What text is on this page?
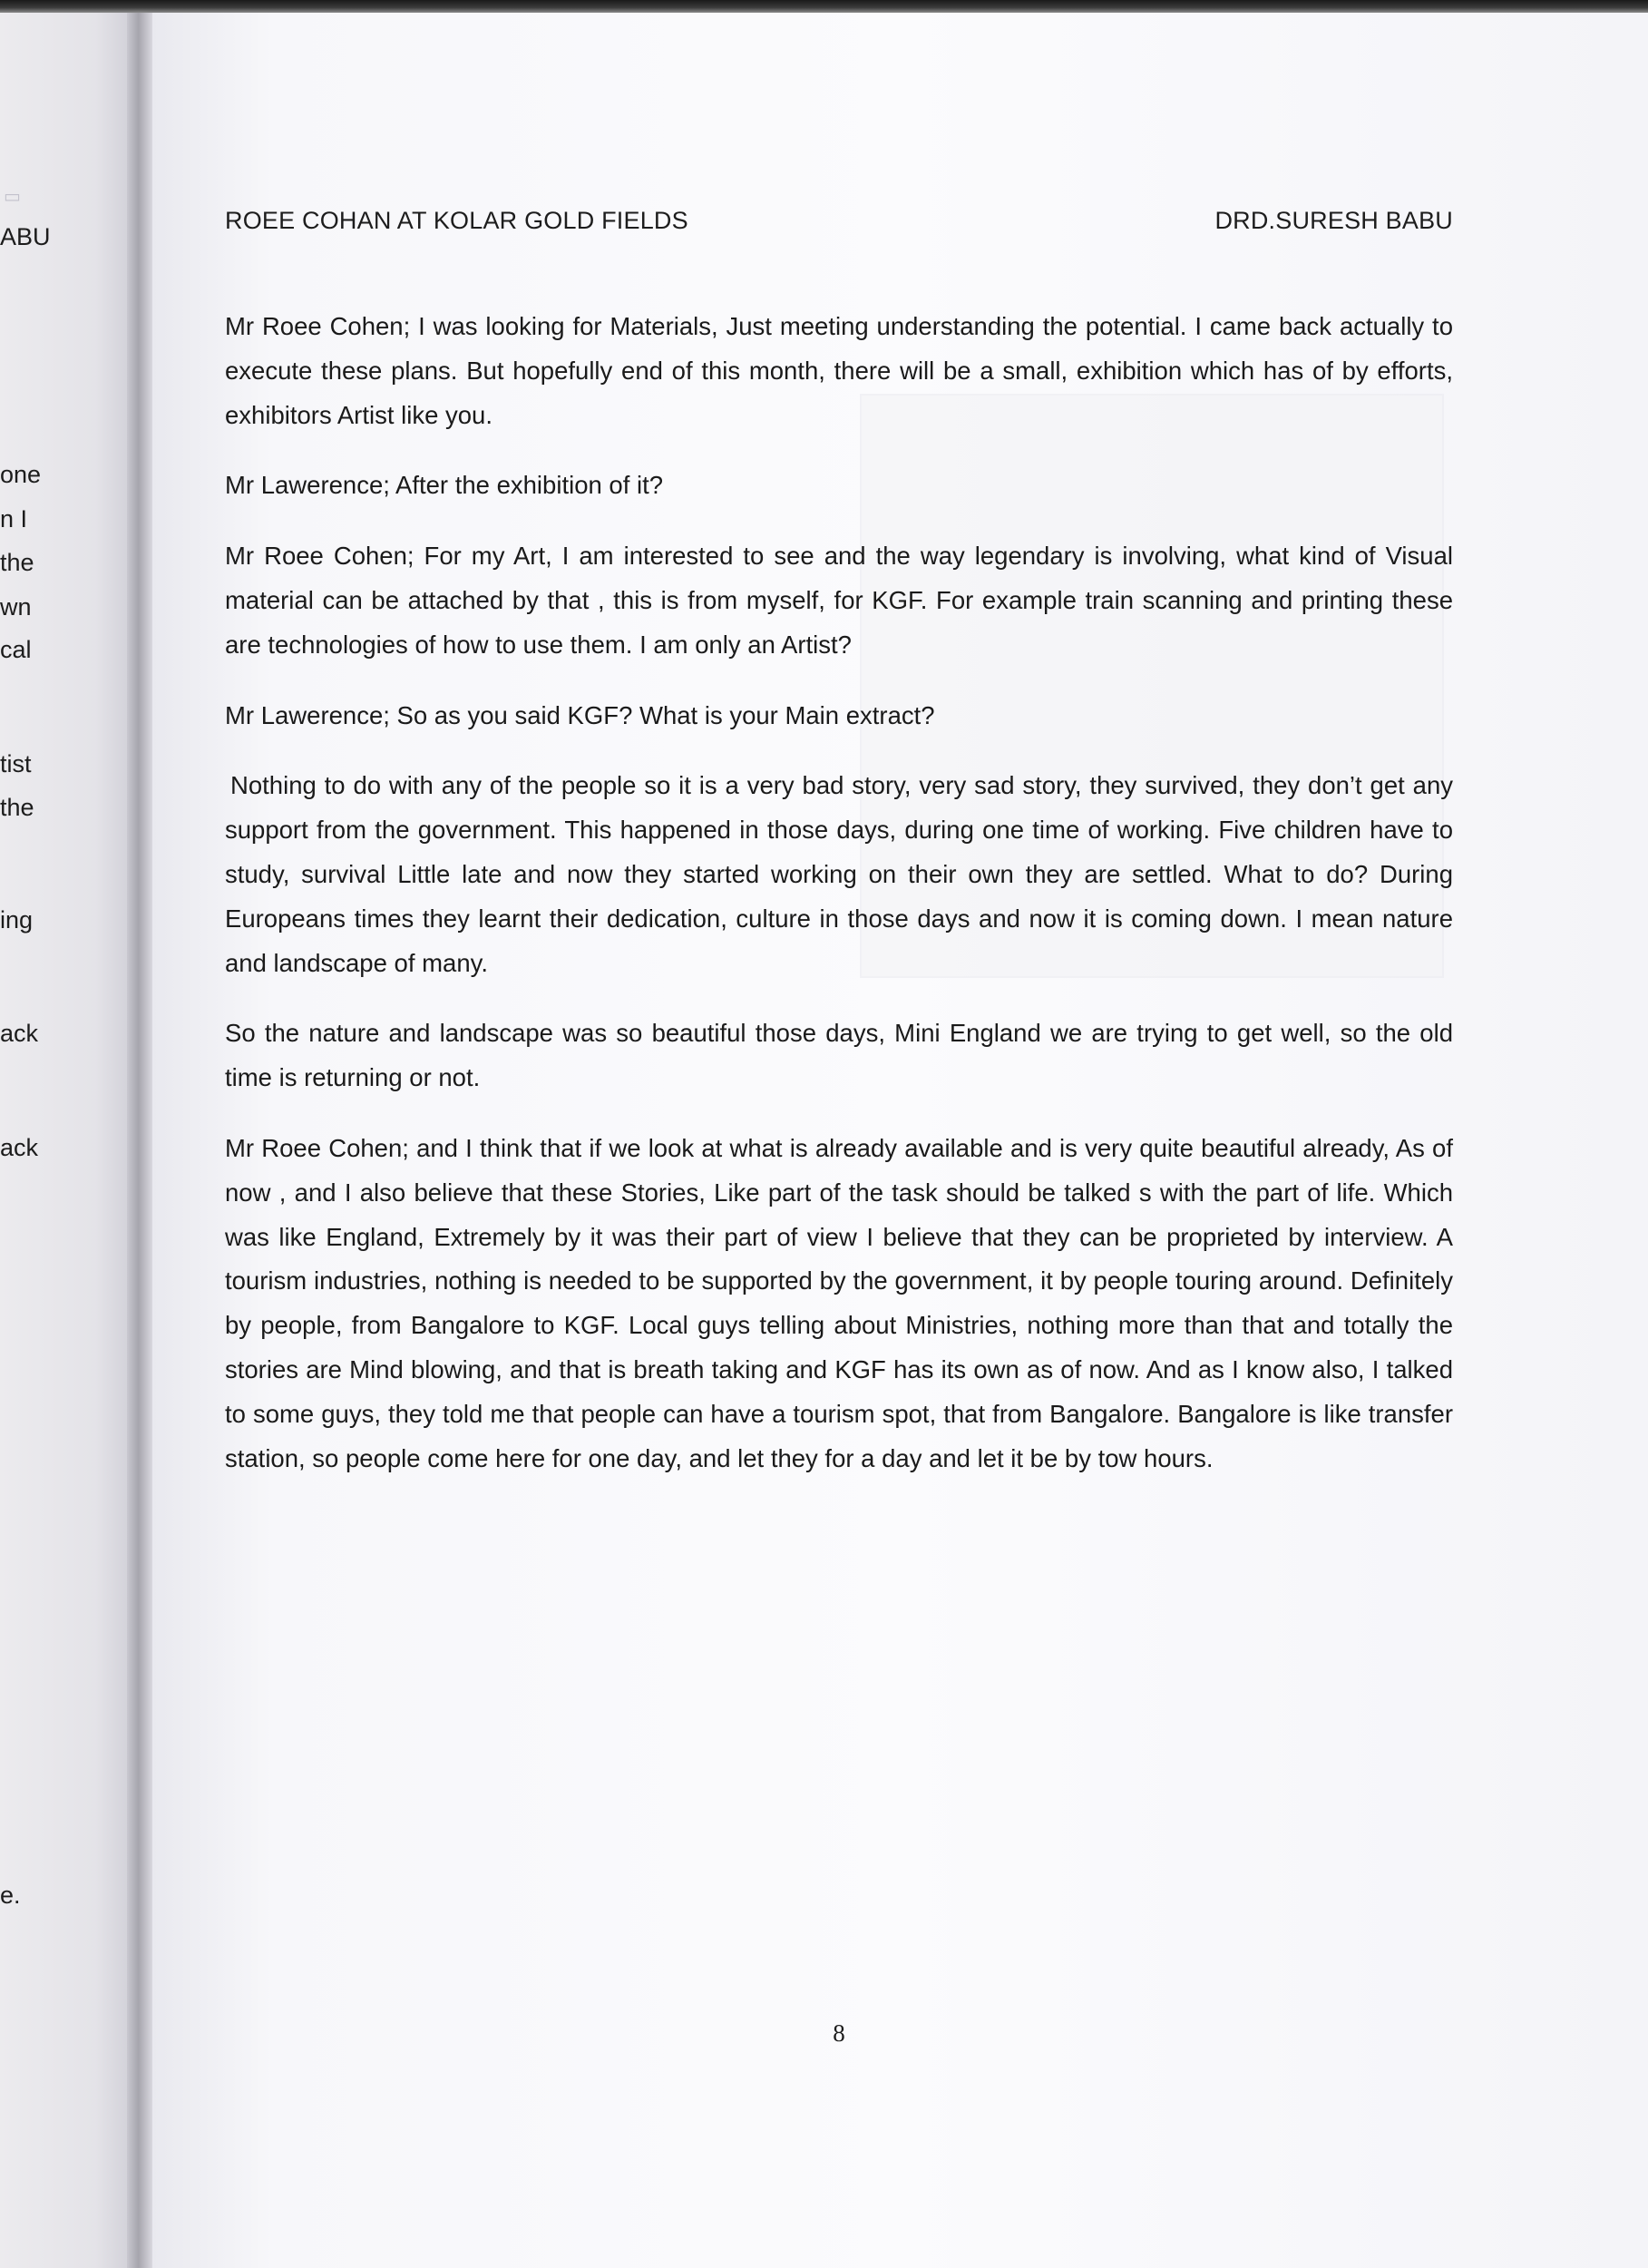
▭
ABU
one
n I
the
wn
cal
tist
the
ing
ack
ack
e.
ROEE COHAN AT KOLAR GOLD FIELDS	DRD.SURESH BABU

Mr Roee Cohen; I was looking for Materials, Just meeting understanding the potential. I came back actually to execute these plans. But hopefully end of this month, there will be a small, exhibition which has of by efforts, exhibitors Artist like you.

Mr Lawerence; After the exhibition of it?

Mr Roee Cohen; For my Art, I am interested to see and the way legendary is involving, what kind of Visual material can be attached by that , this is from myself, for KGF. For example train scanning and printing these are technologies of how to use them. I am only an Artist?

Mr Lawerence; So as you said KGF? What is your Main extract?

Nothing to do with any of the people so it is a very bad story, very sad story, they survived, they don’t get any support from the government. This happened in those days, during one time of working. Five children have to study, survival Little late and now they started working on their own they are settled. What to do? During Europeans times they learnt their dedication, culture in those days and now it is coming down. I mean nature and landscape of many.

So the nature and landscape was so beautiful those days, Mini England we are trying to get well, so the old time is returning or not.

Mr Roee Cohen; and I think that if we look at what is already available and is very quite beautiful already, As of now , and I also believe that these Stories, Like part of the task should be talked s with the part of life. Which was like England, Extremely by it was their part of view I believe that they can be proprieted by interview. A tourism industries, nothing is needed to be supported by the government, it by people touring around. Definitely by people, from Bangalore to KGF. Local guys telling about Ministries, nothing more than that and totally the stories are Mind blowing, and that is breath taking and KGF has its own as of now. And as I know also, I talked to some guys, they told me that people can have a tourism spot, that from Bangalore. Bangalore is like transfer station, so people come here for one day, and let they for a day and let it be by tow hours.

8
